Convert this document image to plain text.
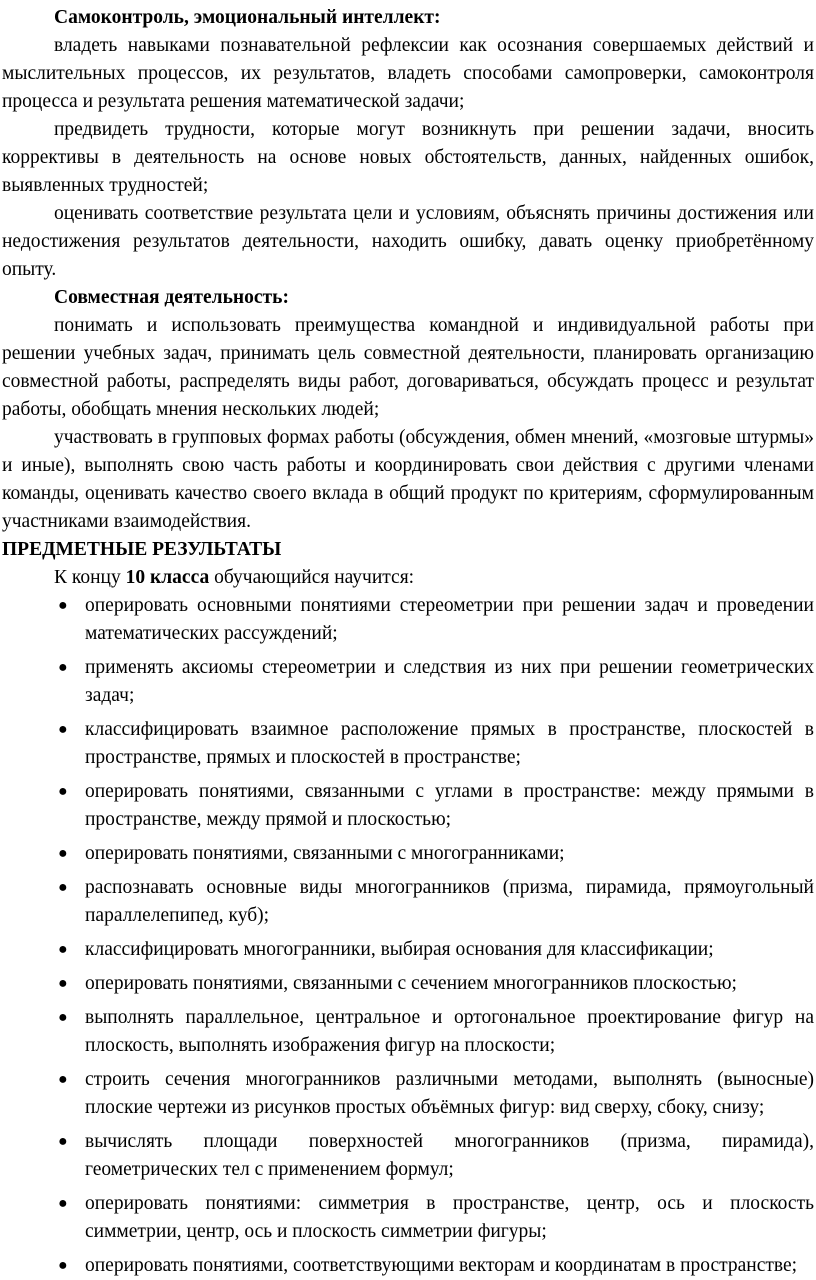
Самоконтроль, эмоциональный интеллект:

владеть навыками познавательной рефлексии как осознания совершаемых действий и мыслительных процессов, их результатов, владеть способами самопроверки, самоконтроля процесса и результата решения математической задачи;

предвидеть трудности, которые могут возникнуть при решении задачи, вносить коррективы в деятельность на основе новых обстоятельств, данных, найденных ошибок, выявленных трудностей;

оценивать соответствие результата цели и условиям, объяснять причины достижения или недостижения результатов деятельности, находить ошибку, давать оценку приобретённому опыту.

Совместная деятельность:

понимать и использовать преимущества командной и индивидуальной работы при решении учебных задач, принимать цель совместной деятельности, планировать организацию совместной работы, распределять виды работ, договариваться, обсуждать процесс и результат работы, обобщать мнения нескольких людей;

участвовать в групповых формах работы (обсуждения, обмен мнений, «мозговые штурмы» и иные), выполнять свою часть работы и координировать свои действия с другими членами команды, оценивать качество своего вклада в общий продукт по критериям, сформулированным участниками взаимодействия.

ПРЕДМЕТНЫЕ РЕЗУЛЬТАТЫ

К концу 10 класса обучающийся научится:

● оперировать основными понятиями стереометрии при решении задач и проведении математических рассуждений;
● применять аксиомы стереометрии и следствия из них при решении геометрических задач;
● классифицировать взаимное расположение прямых в пространстве, плоскостей в пространстве, прямых и плоскостей в пространстве;
● оперировать понятиями, связанными с углами в пространстве: между прямыми в пространстве, между прямой и плоскостью;
● оперировать понятиями, связанными с многогранниками;
● распознавать основные виды многогранников (призма, пирамида, прямоугольный параллелепипед, куб);
● классифицировать многогранники, выбирая основания для классификации;
● оперировать понятиями, связанными с сечением многогранников плоскостью;
● выполнять параллельное, центральное и ортогональное проектирование фигур на плоскость, выполнять изображения фигур на плоскости;
● строить сечения многогранников различными методами, выполнять (выносные) плоские чертежи из рисунков простых объёмных фигур: вид сверху, сбоку, снизу;
● вычислять площади поверхностей многогранников (призма, пирамида), геометрических тел с применением формул;
● оперировать понятиями: симметрия в пространстве, центр, ось и плоскость симметрии, центр, ось и плоскость симметрии фигуры;
● оперировать понятиями, соответствующими векторам и координатам в пространстве;
